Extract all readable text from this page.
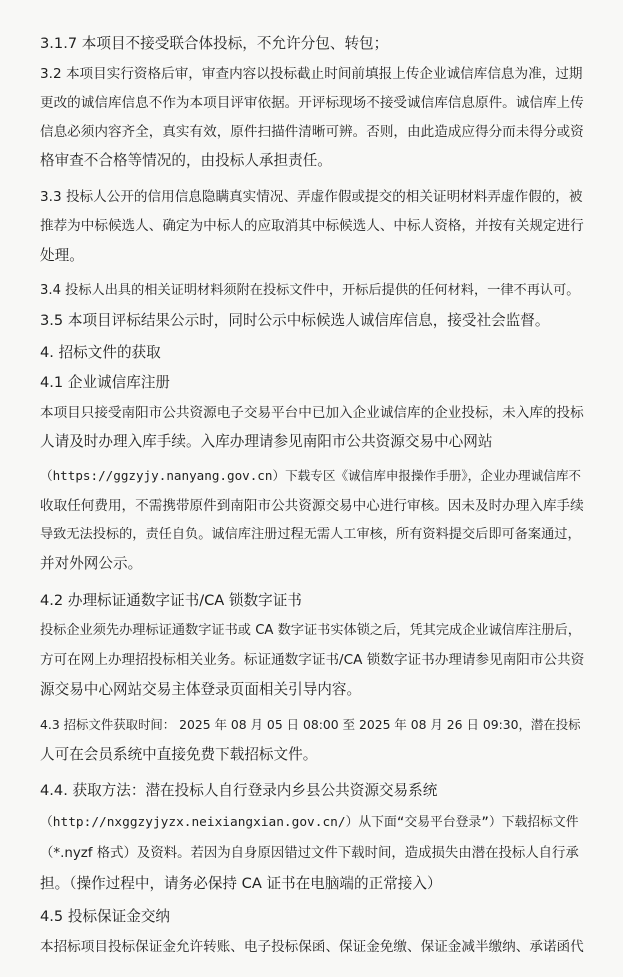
3.1.7 本项目不接受联合体投标，不允许分包、转包；
3.2 本项目实行资格后审，审查内容以投标截止时间前填报上传企业诚信库信息为准，过期
更改的诚信库信息不作为本项目评审依据。开评标现场不接受诚信库信息原件。诚信库上传
信息必须内容齐全，真实有效，原件扫描件清晰可辨。否则，由此造成应得分而未得分或资
格审查不合格等情况的，由投标人承担责任。
3.3 投标人公开的信用信息隐瞒真实情况、弄虚作假或提交的相关证明材料弄虚作假的，被
推荐为中标候选人、确定为中标人的应取消其中标候选人、中标人资格，并按有关规定进行
处理。
3.4 投标人出具的相关证明材料须附在投标文件中，开标后提供的任何材料，一律不再认可。
3.5 本项目评标结果公示时，同时公示中标候选人诚信库信息，接受社会监督。
4. 招标文件的获取
4.1 企业诚信库注册
本项目只接受南阳市公共资源电子交易平台中已加入企业诚信库的企业投标，未入库的投标
人请及时办理入库手续。入库办理请参见南阳市公共资源交易中心网站
（https://ggzyjy.nanyang.gov.cn）下载专区《诚信库申报操作手册》，企业办理诚信库不
收取任何费用，不需携带原件到南阳市公共资源交易中心进行审核。因未及时办理入库手续
导致无法投标的，责任自负。诚信库注册过程无需人工审核，所有资料提交后即可备案通过，
并对外网公示。
4.2 办理标证通数字证书/CA 锁数字证书
投标企业须先办理标证通数字证书或 CA 数字证书实体锁之后，凭其完成企业诚信库注册后，
方可在网上办理招投标相关业务。标证通数字证书/CA 锁数字证书办理请参见南阳市公共资
源交易中心网站交易主体登录页面相关引导内容。
4.3 招标文件获取时间： 2025 年 08 月 05 日 08:00 至 2025 年 08 月 26 日 09:30，潜在投标
人可在会员系统中直接免费下载招标文件。
4.4. 获取方法：潜在投标人自行登录内乡县公共资源交易系统
（http://nxggzyjyzx.neixiangxian.gov.cn/）从下面“交易平台登录”）下载招标文件
（*.nyzf 格式）及资料。若因为自身原因错过文件下载时间，造成损失由潜在投标人自行承
担。（操作过程中，请务必保持 CA 证书在电脑端的正常接入）
4.5 投标保证金交纳
本招标项目投标保证金允许转账、电子投标保函、保证金免缴、保证金减半缴纳、承诺函代
